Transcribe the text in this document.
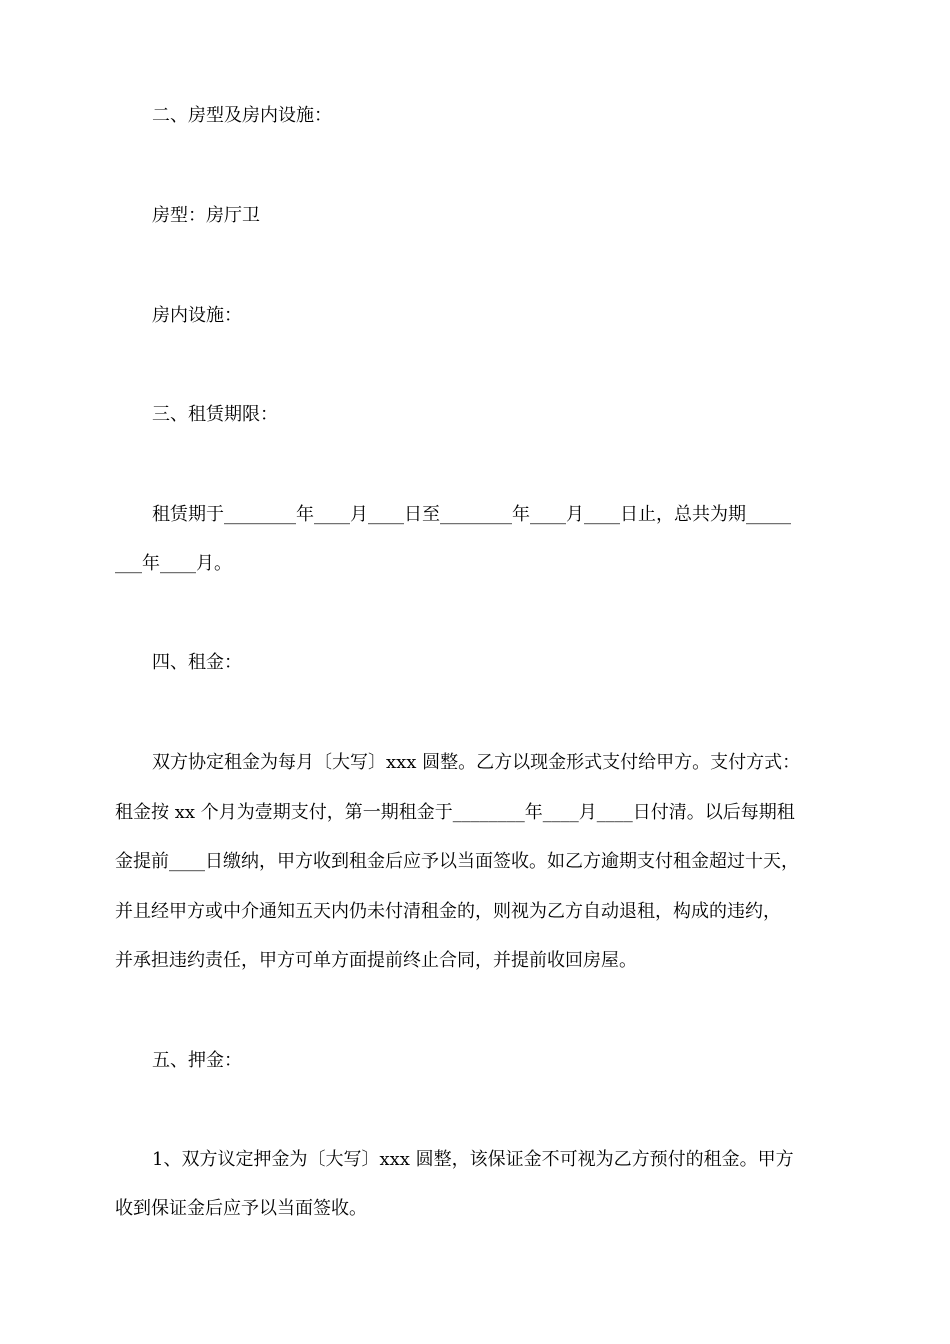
二、房型及房内设施：
房型：房厅卫
房内设施：
三、租赁期限：
租赁期于________年____月____日至________年____月____日止，总共为期_____
___年____月。
四、租金：
双方协定租金为每月〔大写〕xxx 圆整。乙方以现金形式支付给甲方。支付方式：
租金按 xx 个月为壹期支付，第一期租金于________年____月____日付清。以后每期租
金提前____日缴纳，甲方收到租金后应予以当面签收。如乙方逾期支付租金超过十天，
并且经甲方或中介通知五天内仍未付清租金的，则视为乙方自动退租，构成的违约，
并承担违约责任，甲方可单方面提前终止合同，并提前收回房屋。
五、押金：
1、双方议定押金为〔大写〕xxx 圆整，该保证金不可视为乙方预付的租金。甲方
收到保证金后应予以当面签收。
